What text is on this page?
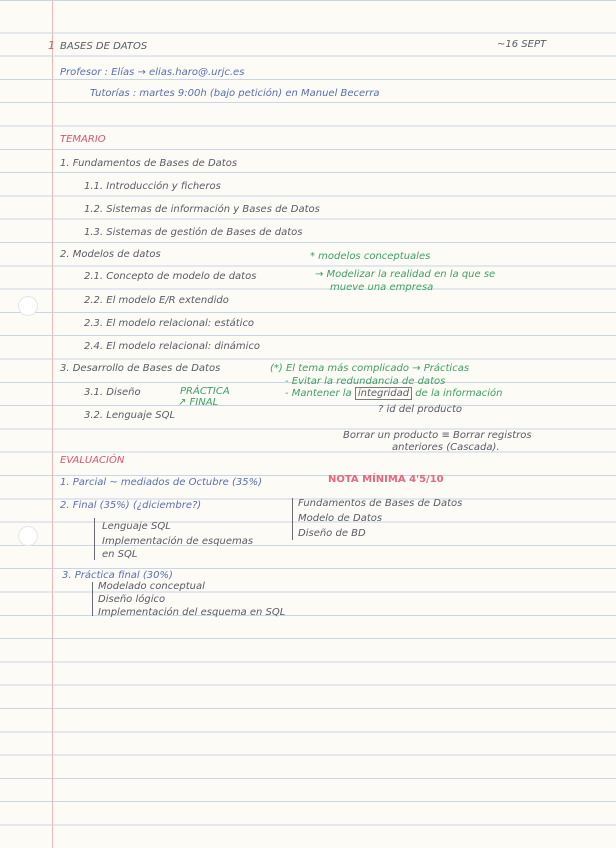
1 BASES DE DATOS	~16 SEPT
Profesor : Elías → elias.haro@.urjc.es
Tutorías : martes 9:00h (bajo petición) en Manuel Becerra
TEMARIO
1. Fundamentos de Bases de Datos
1.1. Introducción y ficheros
1.2. Sistemas de información y Bases de Datos
1.3. Sistemas de gestión de Bases de datos
2. Modelos de datos	* modelos conceptuales
2.1. Concepto de modelo de datos	→ Modelizar la realidad en la que se
mueve una empresa
2.2. El modelo E/R extendido
2.3. El modelo relacional: estático
2.4. El modelo relacional: dinámico
3. Desarrollo de Bases de Datos	(*) El tema más complicado → Prácticas
- Evitar la redundancia de datos
- Mantener la integridad de la información
3.1. Diseño	PRÁCTICA
↗ FINAL
3.2. Lenguaje SQL
? id del producto
Borrar un producto ≡ Borrar registros
anteriores (Cascada).
EVALUACIÓN
1. Parcial ~ mediados de Octubre (35%)	NOTA MÍNIMA 4'5/10
2. Final (35%) (¿diciembre?)
Lenguaje SQL
Implementación de esquemas
en SQL
Fundamentos de Bases de Datos
Modelo de Datos
Diseño de BD
3. Práctica final (30%)
Modelado conceptual
Diseño lógico
Implementación del esquema en SQL
